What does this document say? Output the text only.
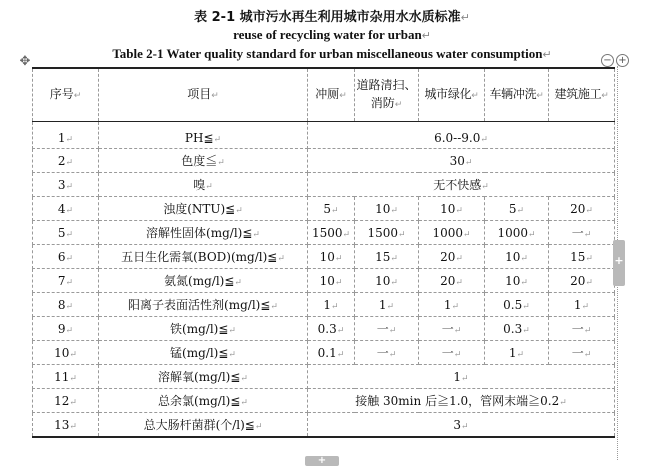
表 2-1 城市污水再生利用城市杂用水水质标准↵
reuse of recycling water for urban↵
Table 2-1 Water quality standard for urban miscellaneous water consumption↵
✥	− +
序号↵	项目↵	冲厕↵	道路清扫、消防↵	城市绿化↵	车辆冲洗↵	建筑施工↵
1↵	PH≦↵	6.0--9.0↵				
2↵	色度≦↵	30↵				
3↵	嗅↵	无不快感↵				
4↵	浊度(NTU)≦↵	5↵	10↵	10↵	5↵	20↵
5↵	溶解性固体(mg/l)≦↵	1500↵	1500↵	1000↵	1000↵	一↵
6↵	五日生化需氧(BOD)(mg/l)≦↵	10↵	15↵	20↵	10↵	15↵
7↵	氨氮(mg/l)≦↵	10↵	10↵	20↵	10↵	20↵
8↵	阳离子表面活性剂(mg/l)≦↵	1↵	1↵	1↵	0.5↵	1↵
9↵	铁(mg/l)≦↵	0.3↵	一↵	一↵	0.3↵	一↵
10↵	锰(mg/l)≦↵	0.1↵	一↵	一↵	1↵	一↵
11↵	溶解氧(mg/l)≦↵	1↵				
12↵	总余氯(mg/l)≦↵	接触 30min 后≧1.0，管网末端≧0.2↵				
13↵	总大肠杆菌群(个/l)≦↵	3↵				
+
+
